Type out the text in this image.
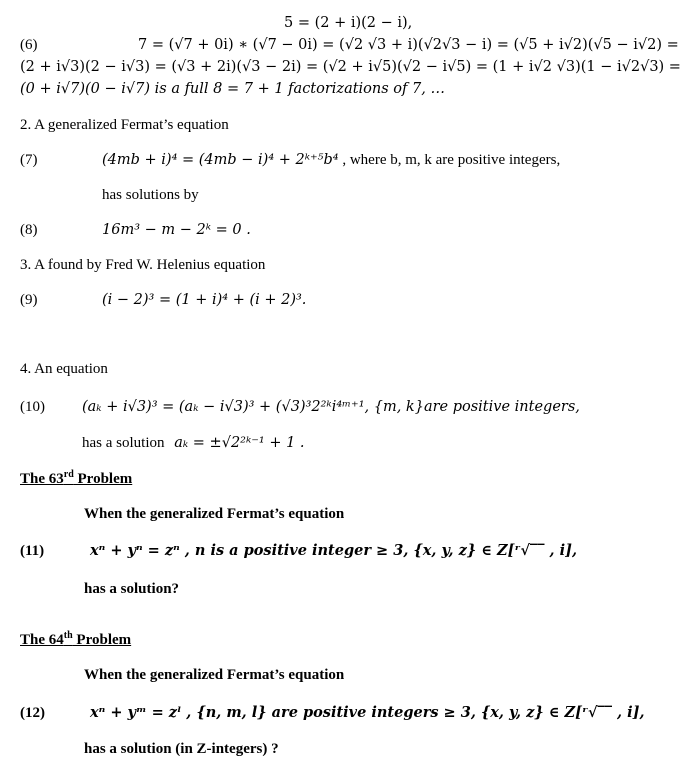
5 = (2 + i)(2 − i),
(6)	7 = (√7 + 0i) ∗ (√7 − 0i) = (√2 √3 + i)(√2√3 − i) = (√5 + i√2)(√5 − i√2) =
(2 + i√3)(2 − i√3) = (√3 + 2i)(√3 − 2i) = (√2 + i√5)(√2 − i√5) = (1 + i√2 √3)(1 − i√2√3) =
(0 + i√7)(0 − i√7) is a full 8 = 7 + 1 factorizations of 7, …
2. A generalized Fermat’s equation
(7)	(4mb + i)⁴ = (4mb − i)⁴ + 2ᵏ⁺⁵b⁴ , where b, m, k are positive integers,
has solutions by
(8)	16m³ − m − 2ᵏ = 0 .
3. A found by Fred W. Helenius equation
(9)	(i − 2)³ = (1 + i)⁴ + (i + 2)³.
4. An equation
(10)	(aₖ + i√3)³ = (aₖ − i√3)³ + (√3)³2²ᵏi⁴ᵐ⁺¹, {m, k}are positive integers,
has a solution aₖ = ±√2²ᵏ⁻¹ + 1 .
The 63rd Problem
When the generalized Fermat’s equation
(11)	xⁿ + yⁿ = zⁿ , n is a positive integer ≥ 3, {x, y, z} ∈ Z[ʳ√‾‾ , i],
has a solution?
The 64th Problem
When the generalized Fermat’s equation
(12)	xⁿ + yᵐ = zˡ , {n, m, l} are positive integers ≥ 3, {x, y, z} ∈ Z[ʳ√‾‾ , i],
has a solution (in Z-integers) ?
